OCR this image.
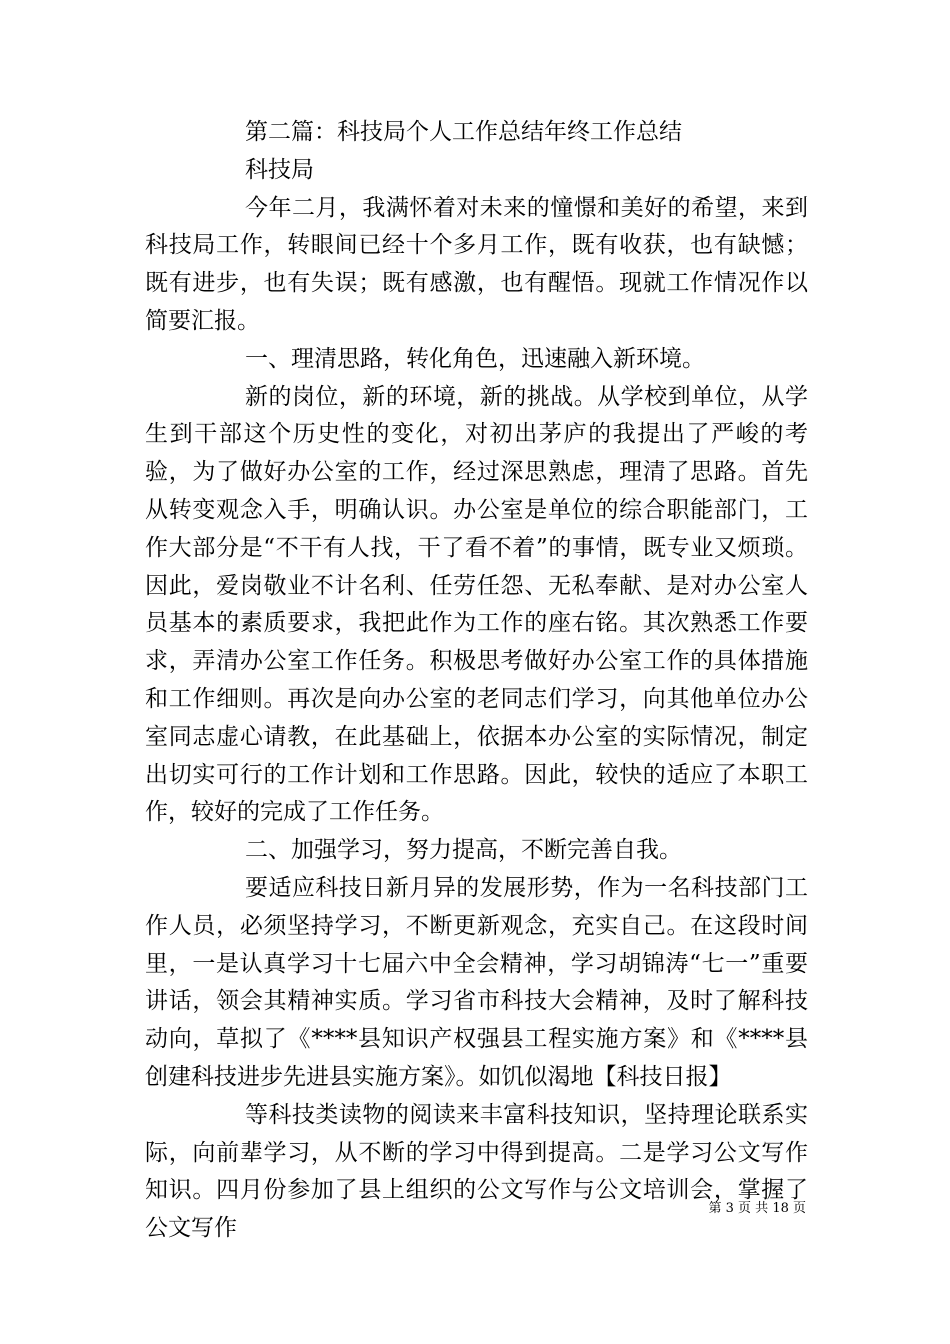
第二篇：科技局个人工作总结年终工作总结

科技局

今年二月，我满怀着对未来的憧憬和美好的希望，来到科技局工作，转眼间已经十个多月工作，既有收获，也有缺憾；既有进步，也有失误；既有感激，也有醒悟。现就工作情况作以简要汇报。

一、理清思路，转化角色，迅速融入新环境。

新的岗位，新的环境，新的挑战。从学校到单位，从学生到干部这个历史性的变化，对初出茅庐的我提出了严峻的考验，为了做好办公室的工作，经过深思熟虑，理清了思路。首先从转变观念入手，明确认识。办公室是单位的综合职能部门，工作大部分是“不干有人找，干了看不着”的事情，既专业又烦琐。因此，爱岗敬业不计名利、任劳任怨、无私奉献、是对办公室人员基本的素质要求，我把此作为工作的座右铭。其次熟悉工作要求，弄清办公室工作任务。积极思考做好办公室工作的具体措施和工作细则。再次是向办公室的老同志们学习，向其他单位办公室同志虚心请教，在此基础上，依据本办公室的实际情况，制定出切实可行的工作计划和工作思路。因此，较快的适应了本职工作，较好的完成了工作任务。

二、加强学习，努力提高，不断完善自我。

要适应科技日新月异的发展形势，作为一名科技部门工作人员，必须坚持学习，不断更新观念，充实自己。在这段时间里，一是认真学习十七届六中全会精神，学习胡锦涛“七一”重要讲话，领会其精神实质。学习省市科技大会精神，及时了解科技动向，草拟了《****县知识产权强县工程实施方案》和《****县创建科技进步先进县实施方案》。如饥似渴地【科技日报】

等科技类读物的阅读来丰富科技知识，坚持理论联系实际，向前辈学习，从不断的学习中得到提高。二是学习公文写作知识。四月份参加了县上组织的公文写作与公文培训会，掌握了公文写作

第 3 页 共 18 页
